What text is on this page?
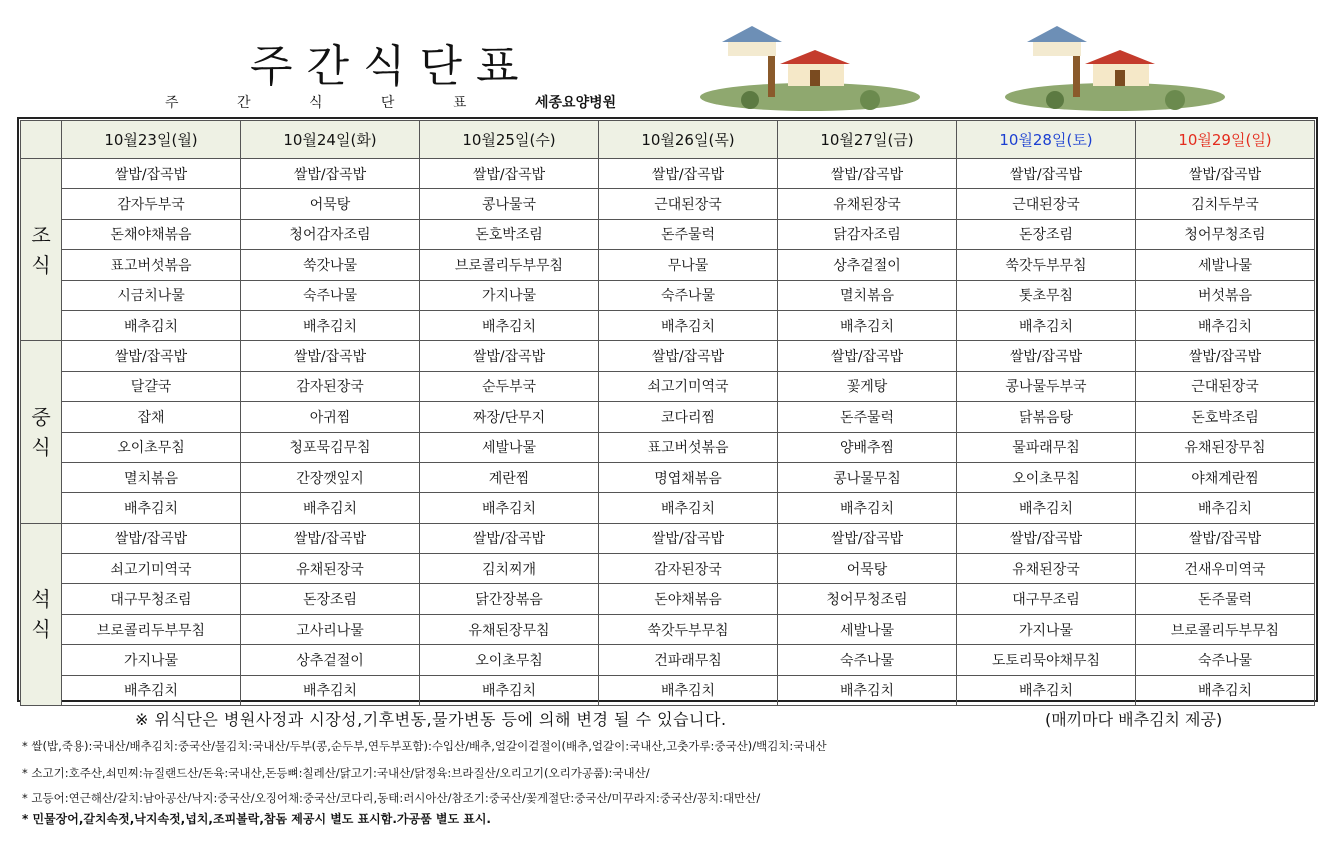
주간식단표
주 간 식 단 표	세종요양병원
	10월23일(월)	10월24일(화)	10월25일(수)	10월26일(목)	10월27일(금)	10월28일(토)	10월29일(일)
조
식	쌀밥/잡곡밥	쌀밥/잡곡밥	쌀밥/잡곡밥	쌀밥/잡곡밥	쌀밥/잡곡밥	쌀밥/잡곡밥	쌀밥/잡곡밥
	감자두부국	어묵탕	콩나물국	근대된장국	유채된장국	근대된장국	김치두부국
	돈채야채볶음	청어감자조림	돈호박조림	돈주물럭	닭감자조림	돈장조림	청어무청조림
	표고버섯볶음	쑥갓나물	브로콜리두부무침	무나물	상추겉절이	쑥갓두부무침	세발나물
	시금치나물	숙주나물	가지나물	숙주나물	멸치볶음	톳초무침	버섯볶음
	배추김치	배추김치	배추김치	배추김치	배추김치	배추김치	배추김치
중
식	쌀밥/잡곡밥	쌀밥/잡곡밥	쌀밥/잡곡밥	쌀밥/잡곡밥	쌀밥/잡곡밥	쌀밥/잡곡밥	쌀밥/잡곡밥
	달걀국	감자된장국	순두부국	쇠고기미역국	꽃게탕	콩나물두부국	근대된장국
	잡채	아귀찜	짜장/단무지	코다리찜	돈주물럭	닭볶음탕	돈호박조림
	오이초무침	청포묵김무침	세발나물	표고버섯볶음	양배추찜	물파래무침	유채된장무침
	멸치볶음	간장깻잎지	계란찜	명엽채볶음	콩나물무침	오이초무침	야채계란찜
	배추김치	배추김치	배추김치	배추김치	배추김치	배추김치	배추김치
석
식	쌀밥/잡곡밥	쌀밥/잡곡밥	쌀밥/잡곡밥	쌀밥/잡곡밥	쌀밥/잡곡밥	쌀밥/잡곡밥	쌀밥/잡곡밥
	쇠고기미역국	유채된장국	김치찌개	감자된장국	어묵탕	유채된장국	건새우미역국
	대구무청조림	돈장조림	닭간장볶음	돈야채볶음	청어무청조림	대구무조림	돈주물럭
	브로콜리두부무침	고사리나물	유채된장무침	쑥갓두부무침	세발나물	가지나물	브로콜리두부무침
	가지나물	상추겉절이	오이초무침	건파래무침	숙주나물	도토리묵야채무침	숙주나물
	배추김치	배추김치	배추김치	배추김치	배추김치	배추김치	배추김치
※ 위식단은 병원사정과 시장성,기후변동,물가변동 등에 의해 변경 될 수 있습니다.	(매끼마다 배추김치 제공)
* 쌀(밥,죽용):국내산/배추김치:중국산/물김치:국내산/두부(콩,순두부,연두부포함):수입산/배추,얼갈이겉절이(배추,얼갈이:국내산,고춧가루:중국산)/백김치:국내산
* 소고기:호주산,쇠민찌:뉴질랜드산/돈육:국내산,돈등뼈:칠레산/닭고기:국내산/닭정육:브라질산/오리고기(오리가공품):국내산/
* 고등어:연근해산/갈치:남아공산/낙지:중국산/오징어채:중국산/코다리,동태:러시아산/참조기:중국산/꽃게절단:중국산/미꾸라지:중국산/꽁치:대만산/
* 민물장어,갈치속젓,낙지속젓,넙치,조피볼락,참돔 제공시 별도 표시함.가공품 별도 표시.
